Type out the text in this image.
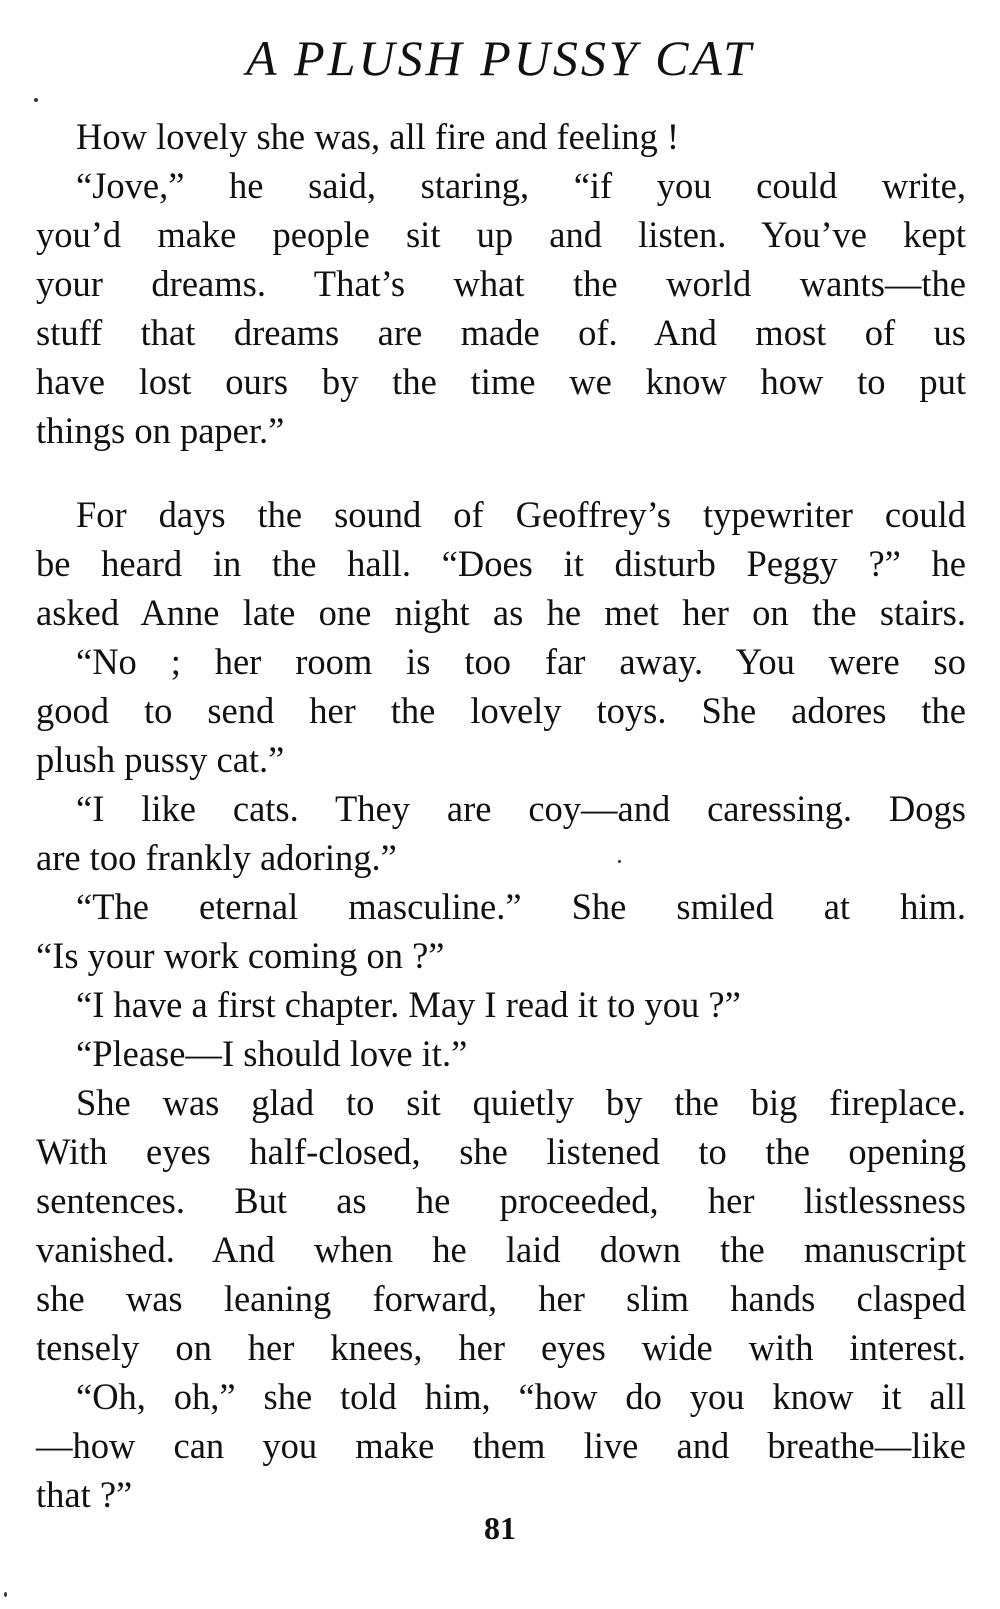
A PLUSH PUSSY CAT
How lovely she was, all fire and feeling !
“Jove,” he said, staring, “if you could write,
you’d make people sit up and listen. You’ve kept
your dreams. That’s what the world wants—the
stuff that dreams are made of. And most of us
have lost ours by the time we know how to put
things on paper.”
For days the sound of Geoffrey’s typewriter could
be heard in the hall. “Does it disturb Peggy ?” he
asked Anne late one night as he met her on the stairs.
“No ; her room is too far away. You were so
good to send her the lovely toys. She adores the
plush pussy cat.”
“I like cats. They are coy—and caressing. Dogs
are too frankly adoring.”
“The eternal masculine.” She smiled at him.
“Is your work coming on ?”
“I have a first chapter. May I read it to you ?”
“Please—I should love it.”
She was glad to sit quietly by the big fireplace.
With eyes half-closed, she listened to the opening
sentences. But as he proceeded, her listlessness
vanished. And when he laid down the manuscript
she was leaning forward, her slim hands clasped
tensely on her knees, her eyes wide with interest.
“Oh, oh,” she told him, “how do you know it all
—how can you make them live and breathe—like
that ?”
81
